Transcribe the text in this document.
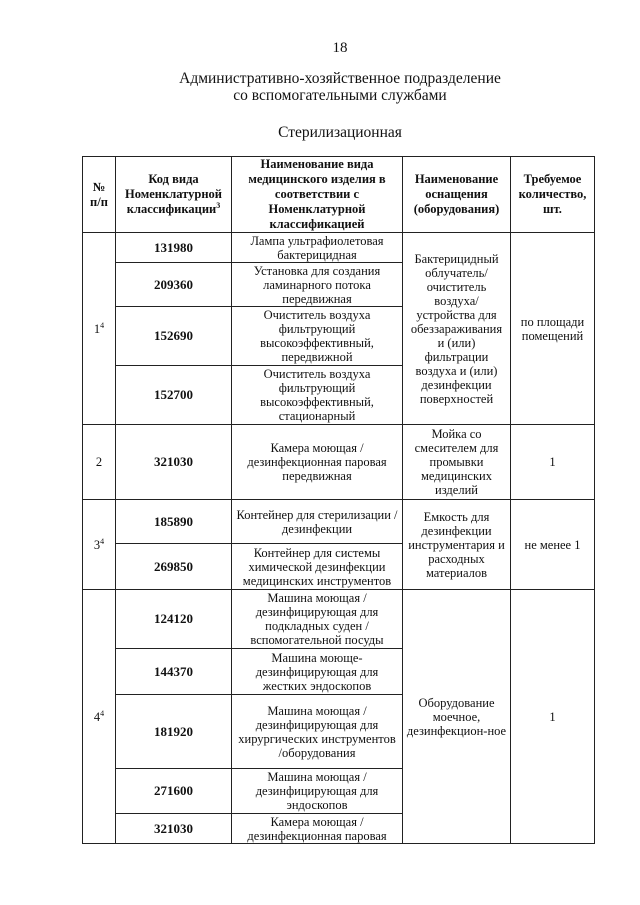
18
Административно-хозяйственное подразделение
со вспомогательными службами
Стерилизационная
№ п/п	Код вида Номенклатурной классификации$^3$	Наименование вида медицинского изделия в соответствии с Номенклатурной классификацией	Наименование оснащения (оборудования)	Требуемое количество, шт.
$1^4$	131980	Лампа ультрафиолетовая бактерицидная	Бактерицидный облучатель/ очиститель воздуха/ устройства для обеззараживания и (или) фильтрации воздуха и (или) дезинфекции поверхностей	по площади помещений
	209360	Установка для создания ламинарного потока передвижная		
	152690	Очиститель воздуха фильтрующий высокоэффективный, передвижной		
	152700	Очиститель воздуха фильтрующий высокоэффективный, стационарный		
2	321030	Камера моющая /дезинфекционная паровая передвижная	Мойка со смесителем для промывки медицинских изделий	1
$3^4$	185890	Контейнер для стерилизации /дезинфекции	Емкость для дезинфекции инструментария и расходных материалов	не менее 1
	269850	Контейнер для системы химической дезинфекции медицинских инструментов		
$4^4$	124120	Машина моющая /дезинфицирующая для подкладных суден /вспомогательной посуды	Оборудование моечное, дезинфекцион-ное	1
	144370	Машина моюще-дезинфицирующая для жестких эндоскопов		
	181920	Машина моющая /дезинфицирующая для хирургических инструментов /оборудования		
	271600	Машина моющая /дезинфицирующая для эндоскопов		
	321030	Камера моющая /дезинфекционная паровая		
